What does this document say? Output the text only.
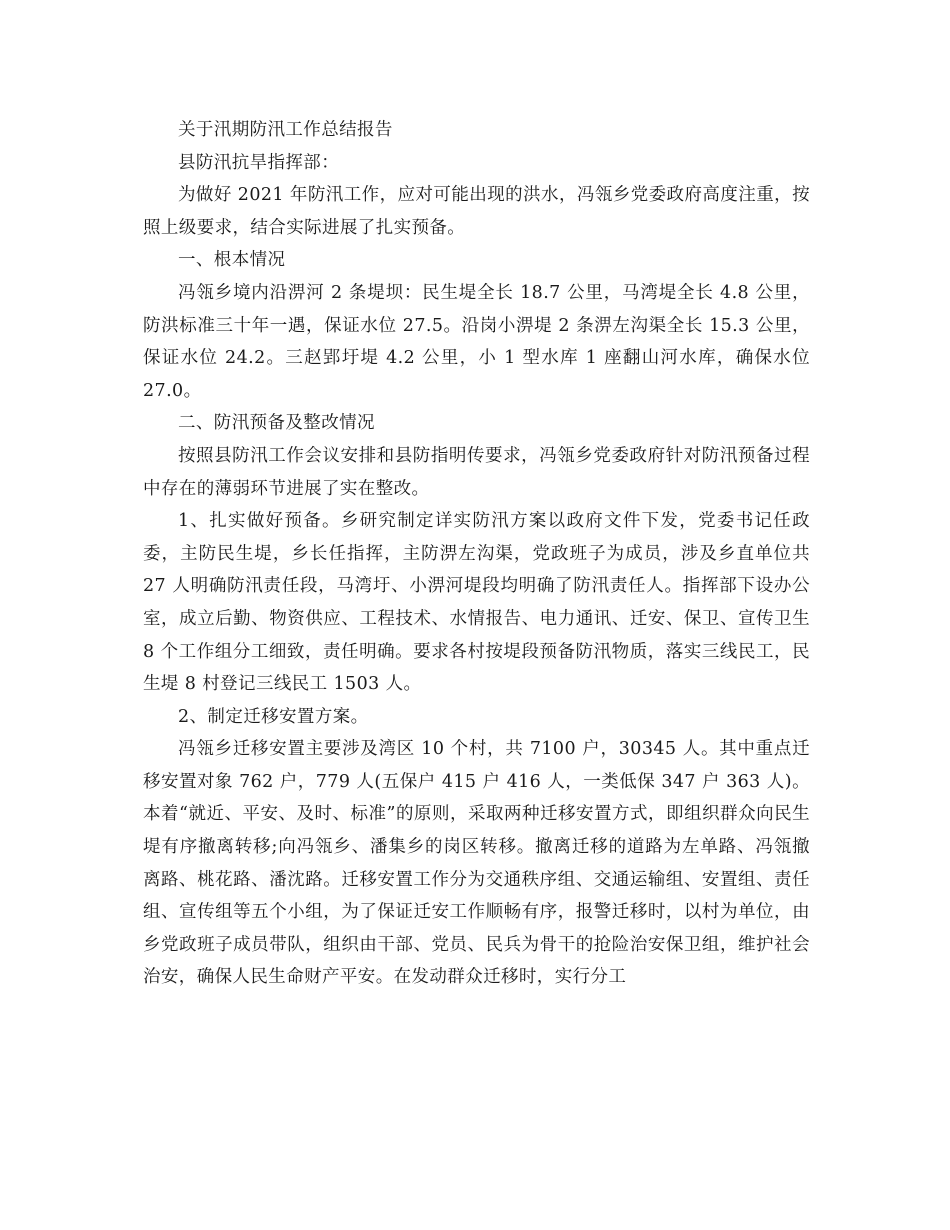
关于汛期防汛工作总结报告

县防汛抗旱指挥部：

为做好 2021 年防汛工作，应对可能出现的洪水，冯瓴乡党委政府高度注重，按照上级要求，结合实际进展了扎实预备。

一、根本情况

冯瓴乡境内沿淠河 2 条堤坝：民生堤全长 18.7 公里，马湾堤全长 4.8 公里，防洪标准三十年一遇，保证水位 27.5。沿岗小淠堤 2 条淠左沟渠全长 15.3 公里，保证水位 24.2。三赵郢圩堤 4.2 公里，小 1 型水库 1 座翻山河水库，确保水位 27.0。

二、防汛预备及整改情况

按照县防汛工作会议安排和县防指明传要求，冯瓴乡党委政府针对防汛预备过程中存在的薄弱环节进展了实在整改。

1、扎实做好预备。乡研究制定详实防汛方案以政府文件下发，党委书记任政委，主防民生堤，乡长任指挥，主防淠左沟渠，党政班子为成员，涉及乡直单位共 27 人明确防汛责任段，马湾圩、小淠河堤段均明确了防汛责任人。指挥部下设办公室，成立后勤、物资供应、工程技术、水情报告、电力通讯、迁安、保卫、宣传卫生 8 个工作组分工细致，责任明确。要求各村按堤段预备防汛物质，落实三线民工，民生堤 8 村登记三线民工 1503 人。

2、制定迁移安置方案。

冯瓴乡迁移安置主要涉及湾区 10 个村，共 7100 户，30345 人。其中重点迁移安置对象 762 户，779 人(五保户 415 户 416 人，一类低保 347 户 363 人)。本着“就近、平安、及时、标准”的原则，采取两种迁移安置方式，即组织群众向民生堤有序撤离转移;向冯瓴乡、潘集乡的岗区转移。撤离迁移的道路为左单路、冯瓴撤离路、桃花路、潘沈路。迁移安置工作分为交通秩序组、交通运输组、安置组、责任组、宣传组等五个小组，为了保证迁安工作顺畅有序，报警迁移时，以村为单位，由乡党政班子成员带队，组织由干部、党员、民兵为骨干的抢险治安保卫组，维护社会治安，确保人民生命财产平安。在发动群众迁移时，实行分工
